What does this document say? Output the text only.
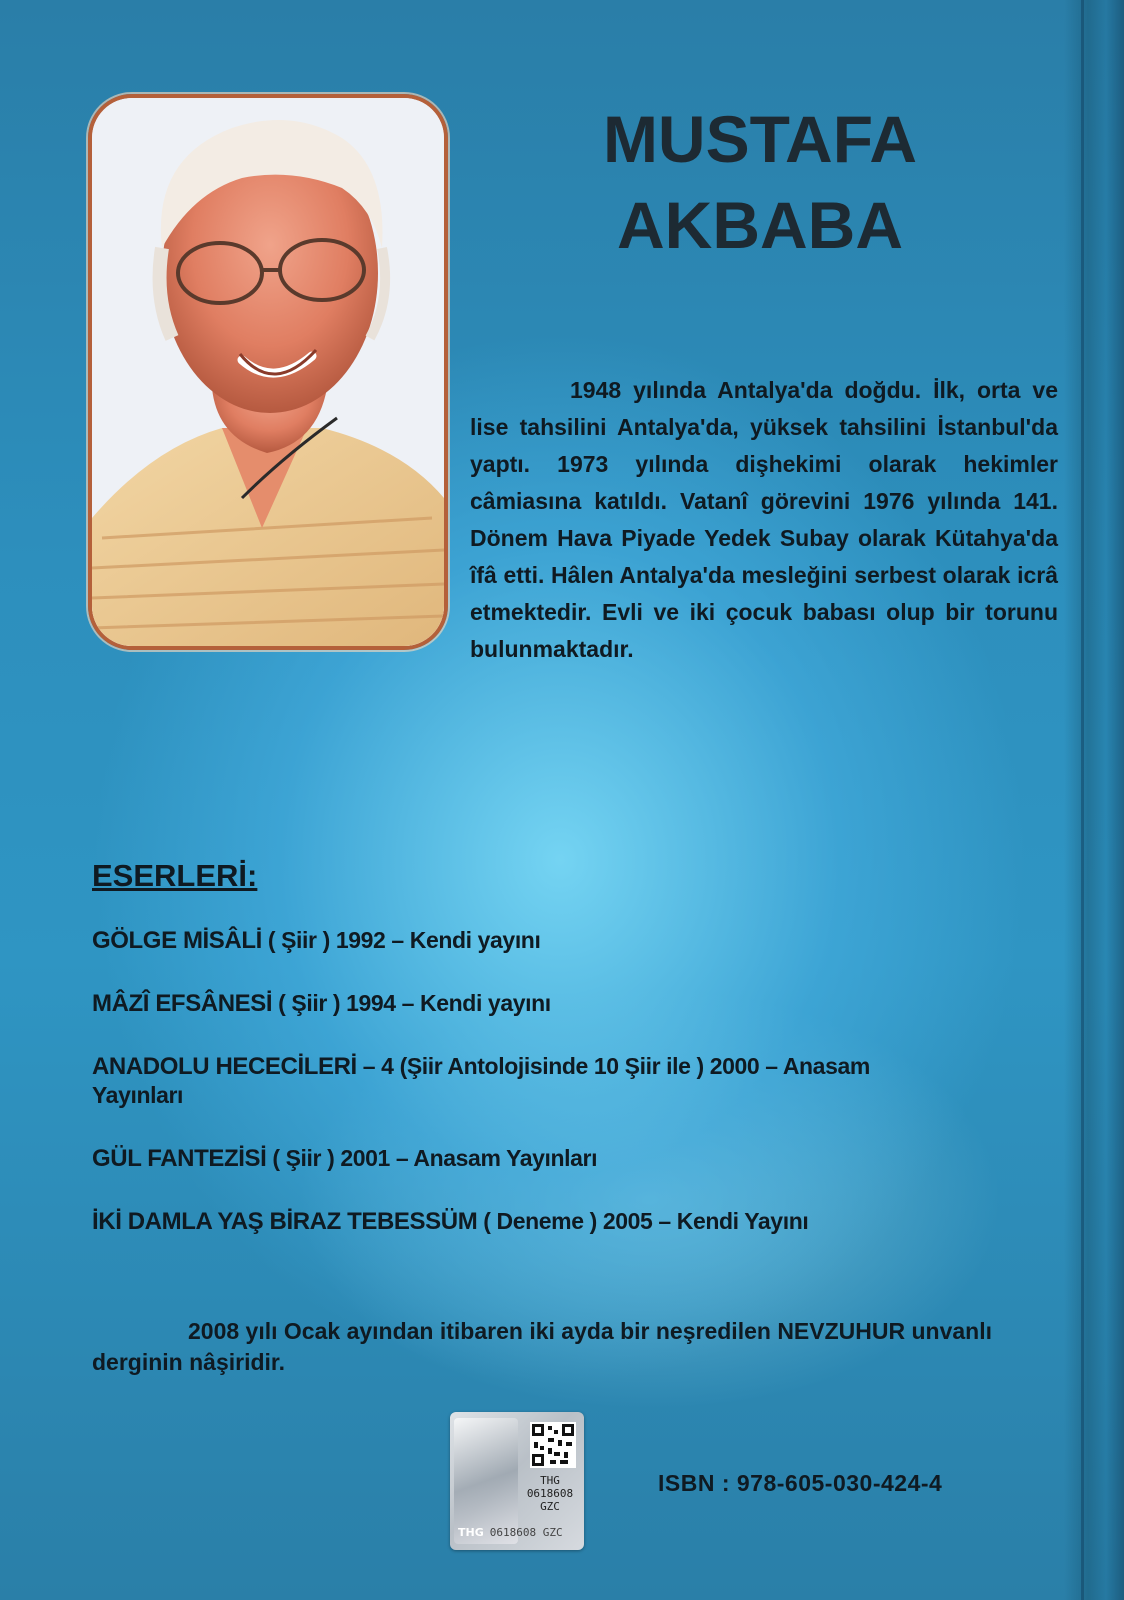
MUSTAFA
AKBABA

1948 yılında Antalya'da doğdu. İlk, orta ve lise tahsilini Antalya'da, yüksek tahsilini İstanbul'da yaptı. 1973 yılında dişhekimi olarak hekimler câmiasına katıldı. Vatanî görevini 1976 yılında 141. Dönem Hava Piyade Yedek Subay olarak Kütahya'da îfâ etti. Hâlen Antalya'da mesleğini serbest olarak icrâ etmektedir. Evli ve iki çocuk babası olup bir torunu bulunmaktadır.

ESERLERİ:
GÖLGE MİSÂLİ ( Şiir ) 1992 – Kendi yayını
MÂZÎ EFSÂNESİ ( Şiir ) 1994 – Kendi yayını
ANADOLU HECECİLERİ – 4 (Şiir Antolojisinde 10 Şiir ile ) 2000 – Anasam Yayınları
GÜL FANTEZİSİ ( Şiir ) 2001 – Anasam Yayınları
İKİ DAMLA YAŞ BİRAZ TEBESSÜM ( Deneme ) 2005 – Kendi Yayını

2008 yılı Ocak ayından itibaren iki ayda bir neşredilen NEVZUHUR unvanlı derginin nâşiridir.

THG
0618608
GZC
THG 0618608 GZC

ISBN : 978-605-030-424-4
